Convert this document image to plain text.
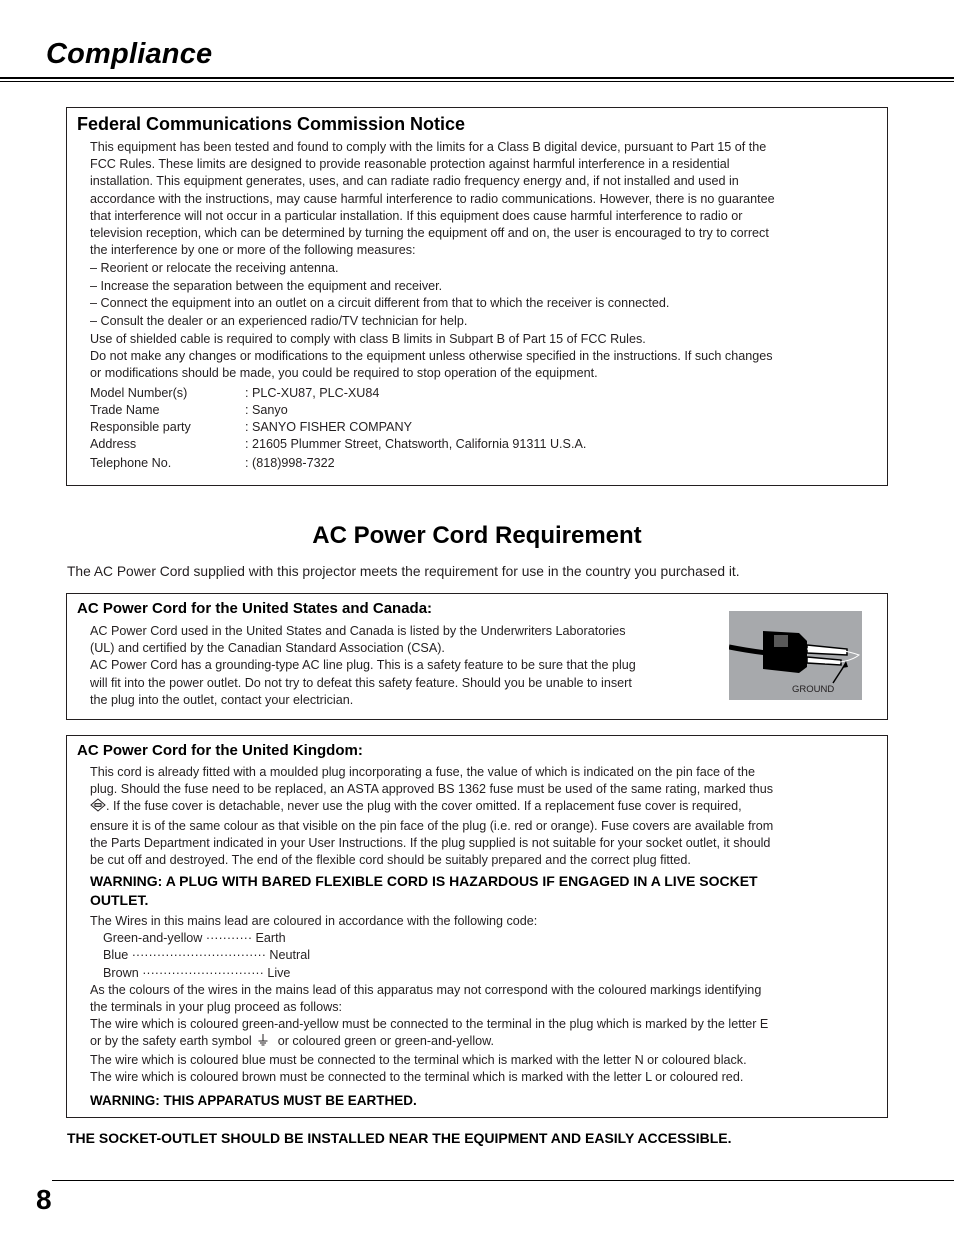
Compliance
Federal Communications Commission Notice
This equipment has been tested and found to comply with the limits for a Class B digital device, pursuant to Part 15 of the
FCC Rules. These limits are designed to provide reasonable protection against harmful interference in a residential
installation. This equipment generates, uses, and can radiate radio frequency energy and, if not installed and used in
accordance with the instructions, may cause harmful interference to radio communications. However, there is no guarantee
that interference will not occur in a particular installation. If this equipment does cause harmful interference to radio or
television reception, which can be determined by turning the equipment off and on, the user is encouraged to try to correct
the interference by one or more of the following measures:
– Reorient or relocate the receiving antenna.
– Increase the separation between the equipment and receiver.
– Connect the equipment into an outlet on a circuit different from that to which the receiver is connected.
– Consult the dealer or an experienced radio/TV technician for help.
Use of shielded cable is required to comply with class B limits in Subpart B of Part 15 of FCC Rules.
Do not make any changes or modifications to the equipment unless otherwise specified in the instructions. If such changes
or modifications should be made, you could be required to stop operation of the equipment.
Model Number(s)	: PLC-XU87, PLC-XU84
Trade Name	: Sanyo
Responsible party	: SANYO FISHER COMPANY
Address	: 21605 Plummer Street, Chatsworth, California 91311 U.S.A.
Telephone No.	: (818)998-7322
AC Power Cord Requirement
The AC Power Cord supplied with this projector meets the requirement for use in the country you purchased it.
AC Power Cord for the United States and Canada:
AC Power Cord used in the United States and Canada is listed by the Underwriters Laboratories
(UL) and certified by the Canadian Standard Association (CSA).
AC Power Cord has a grounding-type AC line plug. This is a safety feature to be sure that the plug
will fit into the power outlet. Do not try to defeat this safety feature. Should you be unable to insert
the plug into the outlet, contact your electrician.
GROUND
AC Power Cord for the United Kingdom:
This cord is already fitted with a moulded plug incorporating a fuse, the value of which is indicated on the pin face of the
plug. Should the fuse need to be replaced, an ASTA approved BS 1362 fuse must be used of the same rating, marked thus
. If the fuse cover is detachable, never use the plug with the cover omitted. If a replacement fuse cover is required,
ensure it is of the same colour as that visible on the pin face of the plug (i.e. red or orange). Fuse covers are available from
the Parts Department indicated in your User Instructions. If the plug supplied is not suitable for your socket outlet, it should
be cut off and destroyed. The end of the flexible cord should be suitably prepared and the correct plug fitted.
WARNING: A PLUG WITH BARED FLEXIBLE CORD IS HAZARDOUS IF ENGAGED IN A LIVE SOCKET
OUTLET.
The Wires in this mains lead are coloured in accordance with the following code:
Green-and-yellow ··········· Earth
Blue ································ Neutral
Brown ····························· Live
As the colours of the wires in the mains lead of this apparatus may not correspond with the coloured markings identifying
the terminals in your plug proceed as follows:
The wire which is coloured green-and-yellow must be connected to the terminal in the plug which is marked by the letter E
or by the safety earth symbol or coloured green or green-and-yellow.
The wire which is coloured blue must be connected to the terminal which is marked with the letter N or coloured black.
The wire which is coloured brown must be connected to the terminal which is marked with the letter L or coloured red.
WARNING: THIS APPARATUS MUST BE EARTHED.
THE SOCKET-OUTLET SHOULD BE INSTALLED NEAR THE EQUIPMENT AND EASILY ACCESSIBLE.
8
